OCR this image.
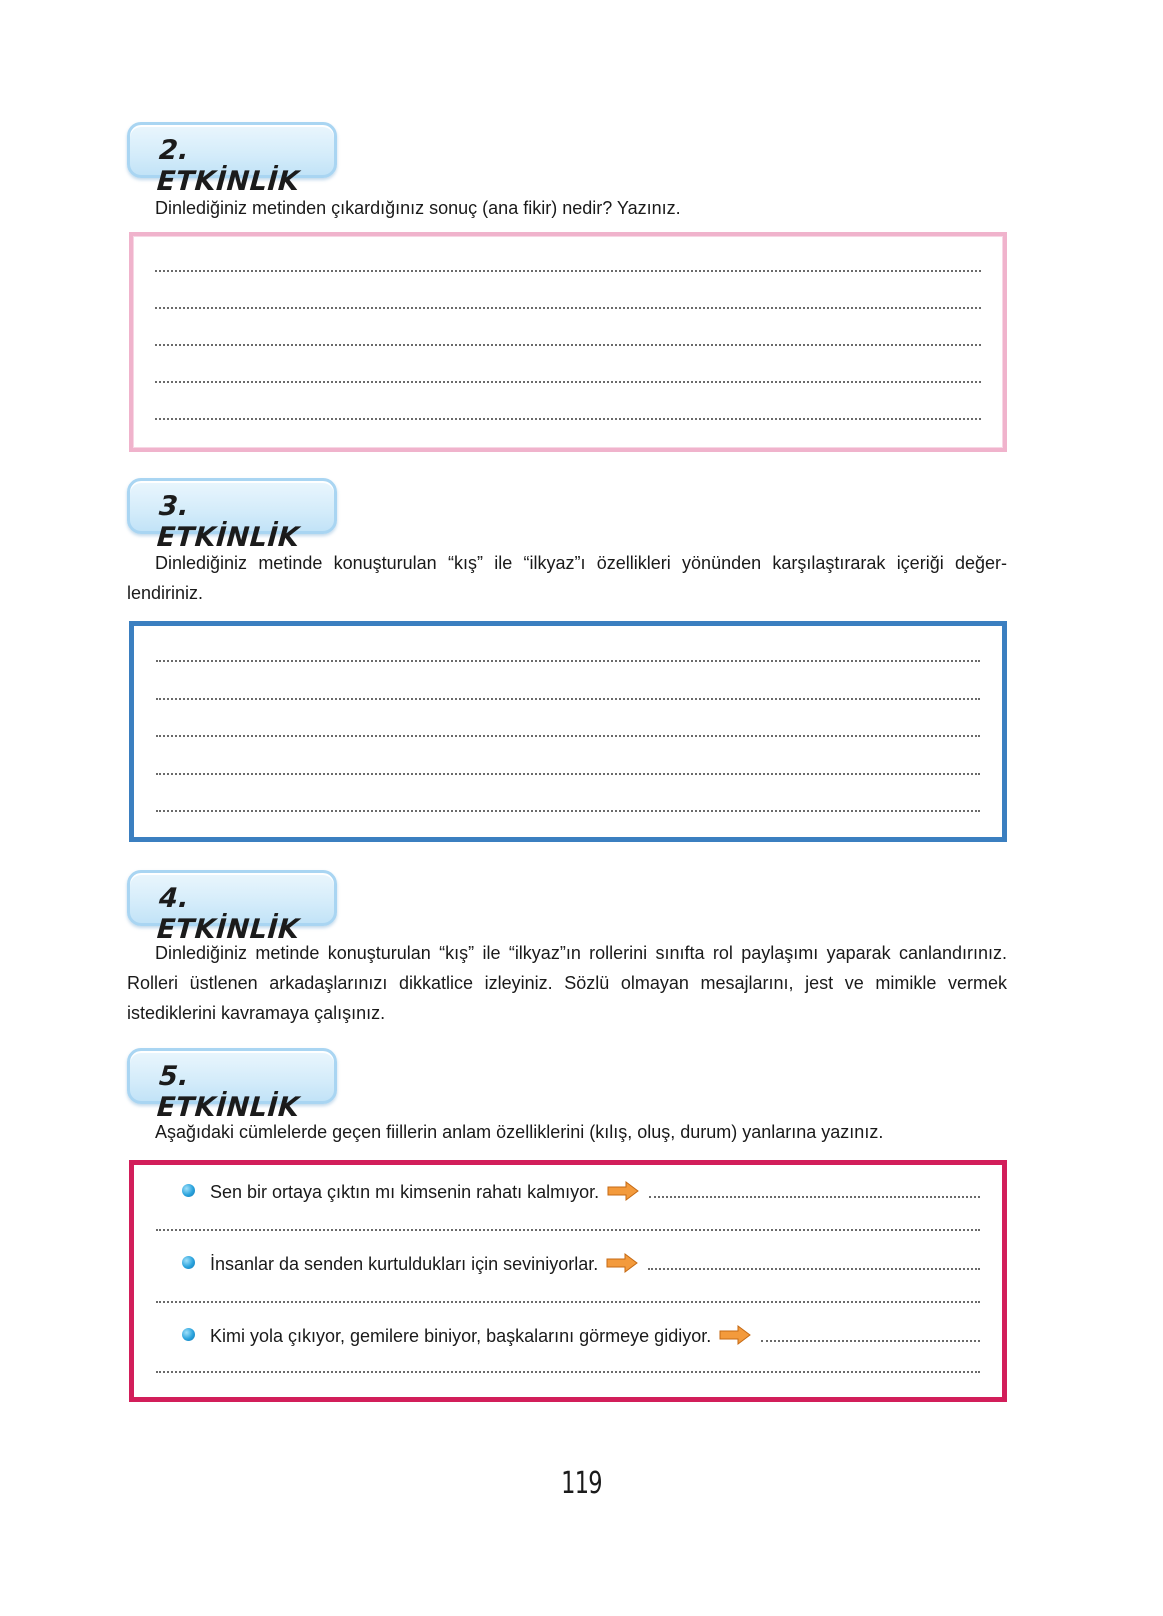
2. ETKİNLİK

Dinlediğiniz metinden çıkardığınız sonuç (ana fikir) nedir? Yazınız.

3. ETKİNLİK

Dinlediğiniz metinde konuşturulan “kış” ile “ilkyaz”ı özellikleri yönünden karşılaştırarak içeriği değer-lendiriniz.

4. ETKİNLİK

Dinlediğiniz metinde konuşturulan “kış” ile “ilkyaz”ın rollerini sınıfta rol paylaşımı yaparak canlandırınız. Rolleri üstlenen arkadaşlarınızı dikkatlice izleyiniz. Sözlü olmayan mesajlarını, jest ve mimikle vermek istediklerini kavramaya çalışınız.

5. ETKİNLİK

Aşağıdaki cümlelerde geçen fiillerin anlam özelliklerini (kılış, oluş, durum) yanlarına yazınız.

Sen bir ortaya çıktın mı kimsenin rahatı kalmıyor.
İnsanlar da senden kurtuldukları için seviniyorlar.
Kimi yola çıkıyor, gemilere biniyor, başkalarını görmeye gidiyor.
119
